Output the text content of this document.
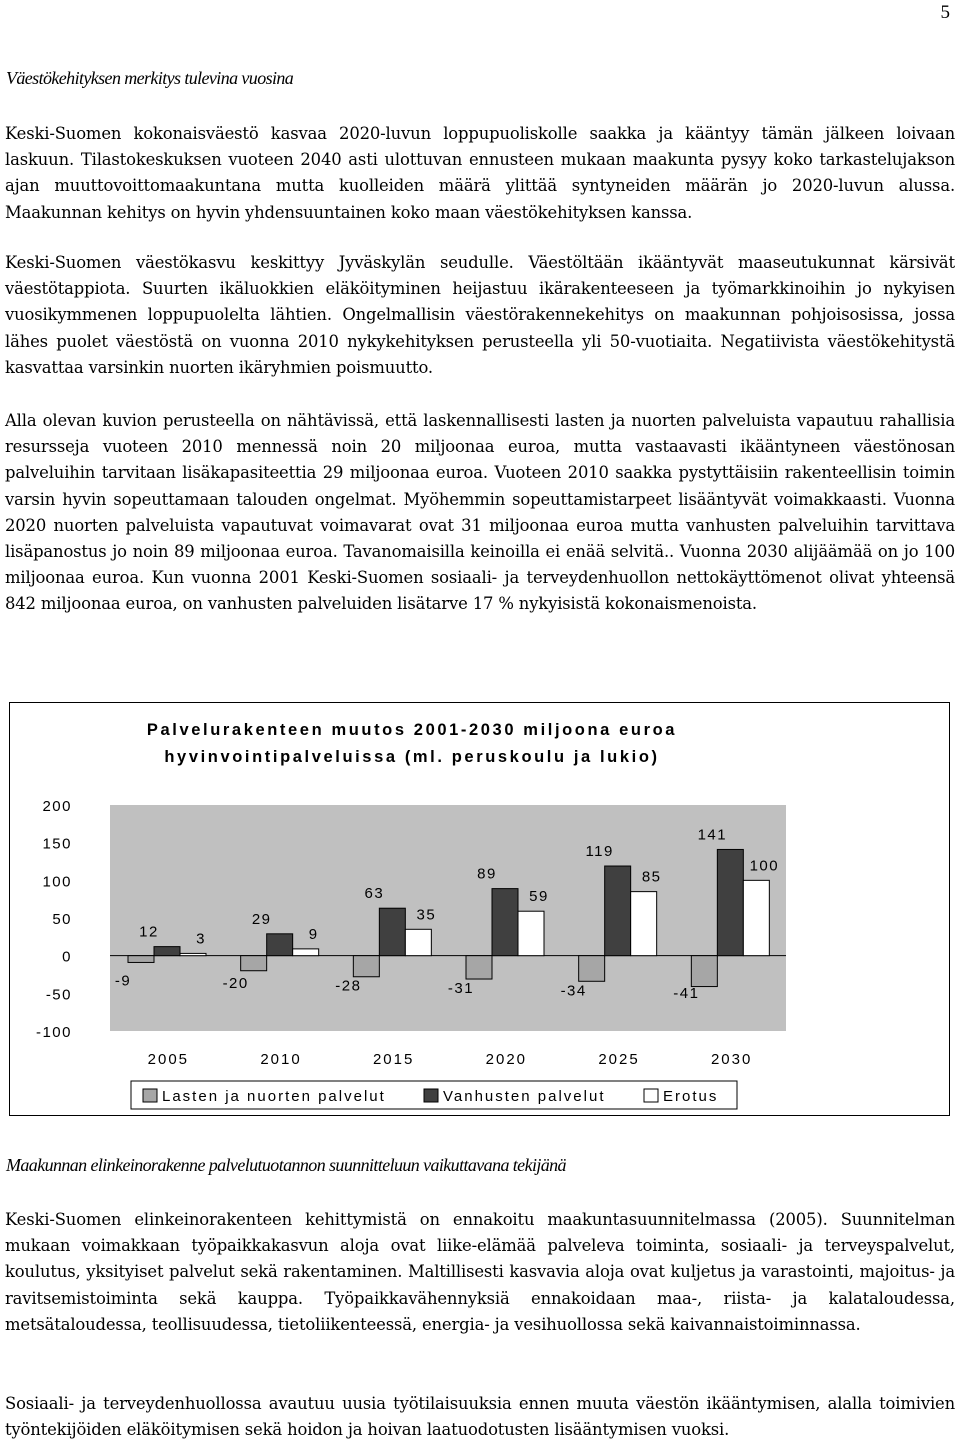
5
Väestökehityksen merkitys tulevina vuosina

Keski-Suomen kokonaisväestö kasvaa 2020-luvun loppupuoliskolle saakka ja kääntyy tämän jälkeen loivaan laskuun. Tilastokeskuksen vuoteen 2040 asti ulottuvan ennusteen mukaan maakunta pysyy koko tarkastelujakson ajan muuttovoittomaakuntana mutta kuolleiden määrä ylittää syntyneiden määrän jo 2020-luvun alussa. Maakunnan kehitys on hyvin yhdensuuntainen koko maan väestökehityksen kanssa.

Keski-Suomen väestökasvu keskittyy Jyväskylän seudulle. Väestöltään ikääntyvät maaseutukunnat kärsivät väestötappiota. Suurten ikäluokkien eläköityminen heijastuu ikärakenteeseen ja työmarkkinoihin jo nykyisen vuosikymmenen loppupuolelta lähtien. Ongelmallisin väestörakennekehitys on maakunnan pohjoisosissa, jossa lähes puolet väestöstä on vuonna 2010 nykykehityksen perusteella yli 50-vuotiaita. Negatiivista väestökehitystä kasvattaa varsinkin nuorten ikäryhmien poismuutto.

Alla olevan kuvion perusteella on nähtävissä, että laskennallisesti lasten ja nuorten palveluista vapautuu rahallisia resursseja vuoteen 2010 mennessä noin 20 miljoonaa euroa, mutta vastaavasti ikääntyneen väestönosan palveluihin tarvitaan lisäkapasiteettia 29 miljoonaa euroa. Vuoteen 2010 saakka pystyttäisiin rakenteellisin toimin varsin hyvin sopeuttamaan talouden ongelmat. Myöhemmin sopeuttamistarpeet lisääntyvät voimakkaasti. Vuonna 2020 nuorten palveluista vapautuvat voimavarat ovat 31 miljoonaa euroa mutta vanhusten palveluihin tarvittava lisäpanostus jo noin 89 miljoonaa euroa. Tavanomaisilla keinoilla ei enää selvitä.. Vuonna 2030 alijäämää on jo 100 miljoonaa euroa. Kun vuonna 2001 Keski-Suomen sosiaali- ja terveydenhuollon nettokäyttömenot olivat yhteensä 842 miljoonaa euroa, on vanhusten palveluiden lisätarve 17 % nykyisistä kokonaismenoista.

Palvelurakenteen muutos 2001-2030 miljoona euroa
hyvinvointipalveluissa (ml. peruskoulu ja lukio)
-100
-50
0
50
100
150
200
-9
12 3
2005
-20
29
9
2010
-28
63
35
2015
-31
89
59
2020
-34
119
85
2025
-41
141
100
2030
Lasten ja nuorten palvelut	Vanhusten palvelut	Erotus
Maakunnan elinkeinorakenne palvelutuotannon suunnitteluun vaikuttavana tekijänä

Keski-Suomen elinkeinorakenteen kehittymistä on ennakoitu maakuntasuunnitelmassa (2005). Suunnitelman mukaan voimakkaan työpaikkakasvun aloja ovat liike-elämää palveleva toiminta, sosiaali- ja terveyspalvelut, koulutus, yksityiset palvelut sekä rakentaminen. Maltillisesti kasvavia aloja ovat kuljetus ja varastointi, majoitus- ja ravitsemistoiminta sekä kauppa. Työpaikkavähennyksiä ennakoidaan maa-, riista- ja kalataloudessa, metsätaloudessa, teollisuudessa, tietoliikenteessä, energia- ja vesihuollossa sekä kaivannaistoiminnassa.

Sosiaali- ja terveydenhuollossa avautuu uusia työtilaisuuksia ennen muuta väestön ikääntymisen, alalla toimivien työntekijöiden eläköitymisen sekä hoidon ja hoivan laatuodotusten lisääntymisen vuoksi.
